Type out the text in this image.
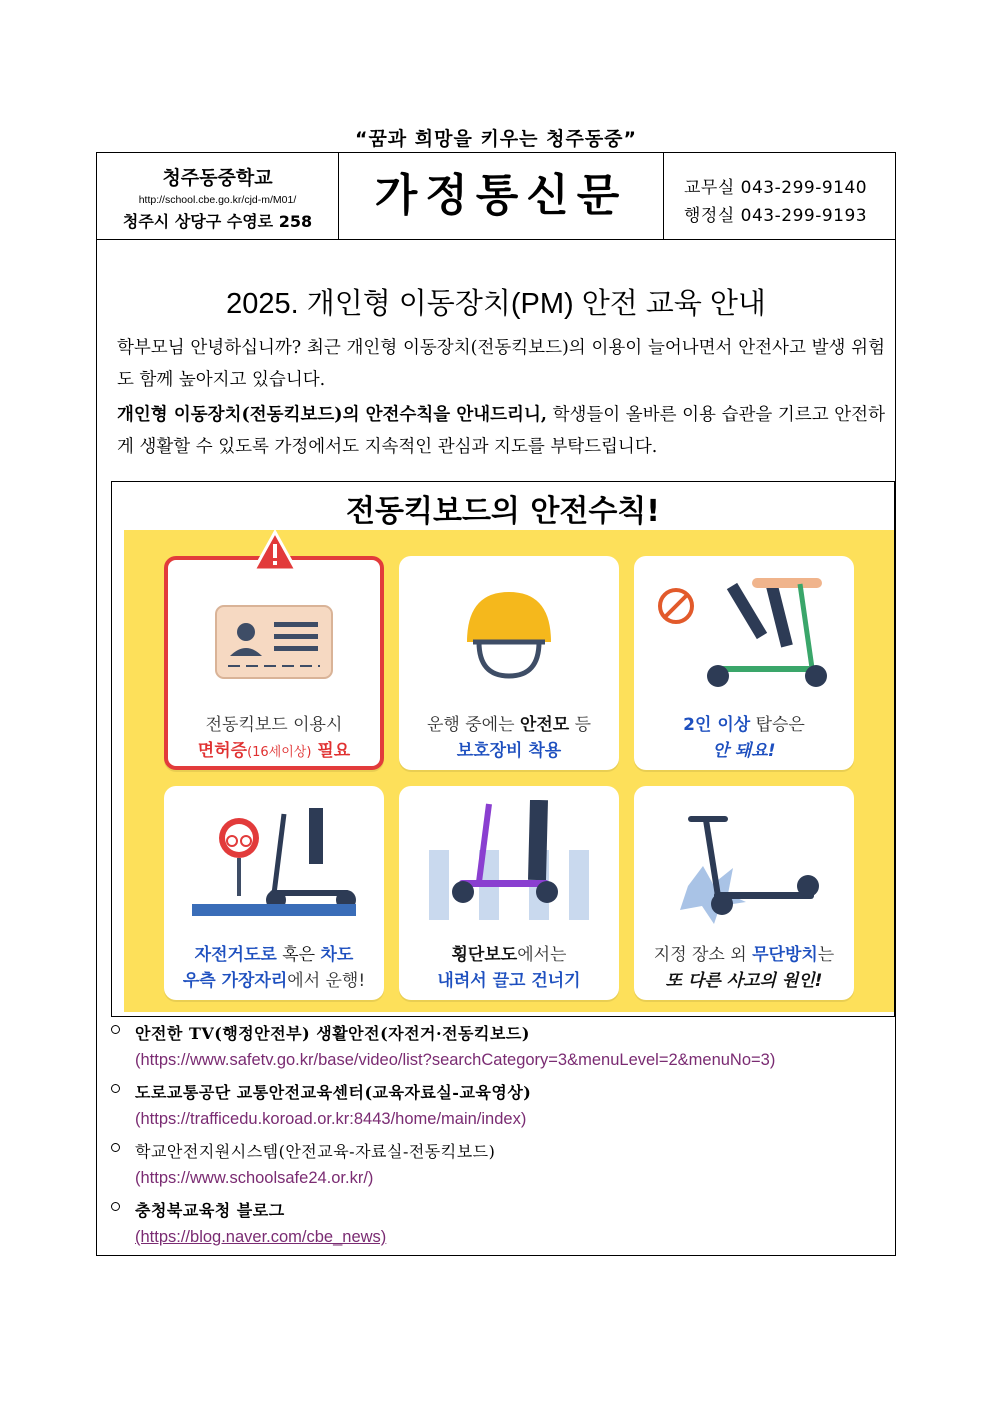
“꿈과 희망을 키우는 청주동중”
청주동중학교
http://school.cbe.go.kr/cjd-m/M01/
청주시 상당구 수영로 258
가정통신문	교무실 043-299-9140
행정실 043-299-9193
2025. 개인형 이동장치(PM) 안전 교육 안내
학부모님 안녕하십니까? 최근 개인형 이동장치(전동킥보드)의 이용이 늘어나면서 안전사고 발생 위험도 함께 높아지고 있습니다.
개인형 이동장치(전동킥보드)의 안전수칙을 안내드리니, 학생들이 올바른 이용 습관을 기르고 안전하게 생활할 수 있도록 가정에서도 지속적인 관심과 지도를 부탁드립니다.
전동킥보드의 안전수칙!
전동킥보드 이용시
면허증(16세이상) 필요
운행 중에는 안전모 등
보호장비 착용
2인 이상 탑승은
안 돼요!
자전거도로 혹은 차도
우측 가장자리에서 운행!
횡단보도에서는
내려서 끌고 건너기
지정 장소 외 무단방치는
또 다른 사고의 원인!
안전한 TV(행정안전부) 생활안전(자전거·전동킥보드)
(https://www.safetv.go.kr/base/video/list?searchCategory=3&menuLevel=2&menuNo=3)
도로교통공단 교통안전교육센터(교육자료실-교육영상)
(https://trafficedu.koroad.or.kr:8443/home/main/index)
학교안전지원시스템(안전교육-자료실-전동킥보드)
(https://www.schoolsafe24.or.kr/)
충청북교육청 블로그
(https://blog.naver.com/cbe_news)
